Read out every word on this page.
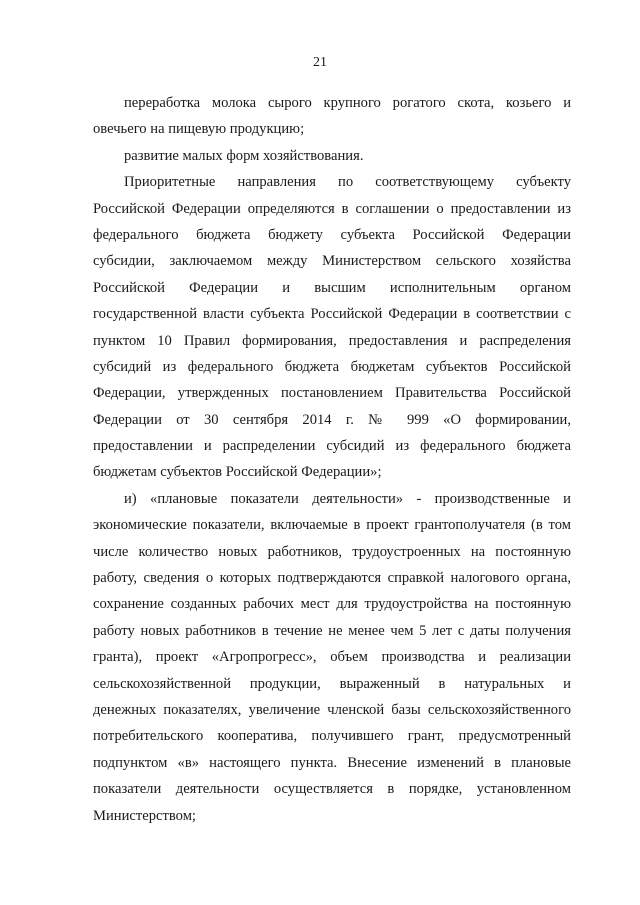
21
переработка молока сырого крупного рогатого скота, козьего и
овечьего на пищевую продукцию;
развитие малых форм хозяйствования.
Приоритетные направления по соответствующему субъекту
Российской Федерации определяются в соглашении о предоставлении из
федерального бюджета бюджету субъекта Российской Федерации
субсидии, заключаемом между Министерством сельского хозяйства
Российской Федерации и высшим исполнительным органом
государственной власти субъекта Российской Федерации в соответствии с
пунктом 10 Правил формирования, предоставления и распределения
субсидий из федерального бюджета бюджетам субъектов Российской
Федерации, утвержденных постановлением Правительства Российской
Федерации от 30 сентября 2014 г. № 999 «О формировании,
предоставлении и распределении субсидий из федерального бюджета
бюджетам субъектов Российской Федерации»;
и) «плановые показатели деятельности» - производственные и
экономические показатели, включаемые в проект грантополучателя (в том
числе количество новых работников, трудоустроенных на постоянную
работу, сведения о которых подтверждаются справкой налогового органа,
сохранение созданных рабочих мест для трудоустройства на постоянную
работу новых работников в течение не менее чем 5 лет с даты получения
гранта), проект «Агропрогресс», объем производства и реализации
сельскохозяйственной продукции, выраженный в натуральных и
денежных показателях, увеличение членской базы сельскохозяйственного
потребительского кооператива, получившего грант, предусмотренный
подпунктом «в» настоящего пункта. Внесение изменений в плановые
показатели деятельности осуществляется в порядке, установленном
Министерством;
